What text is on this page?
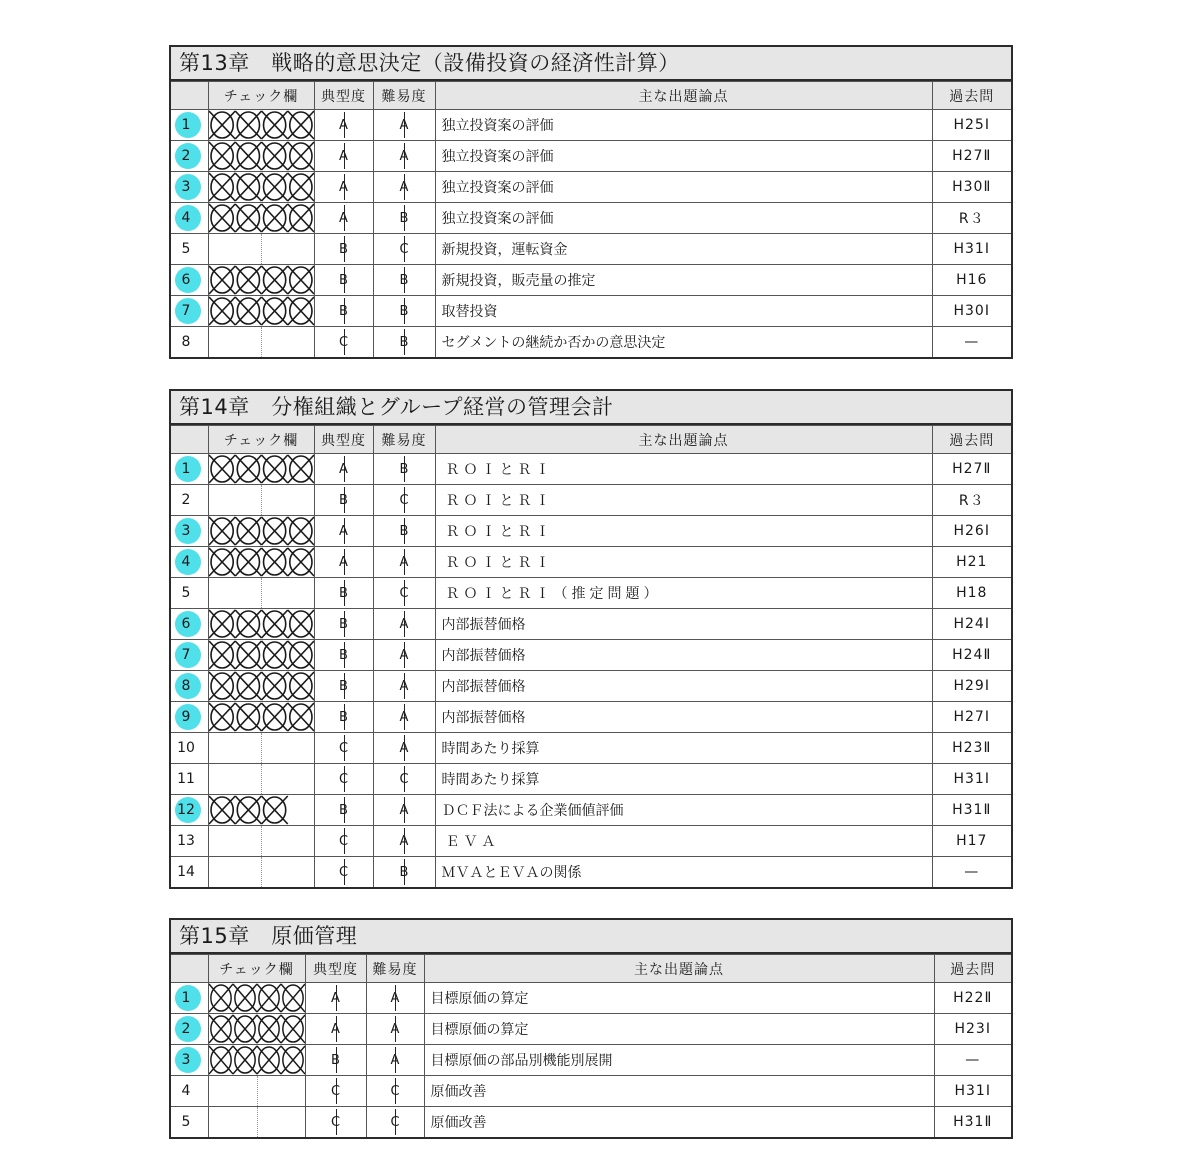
第13章　戦略的意思決定（設備投資の経済性計算）
	チェック欄	典型度	難易度	主な出題論点	過去問

1		A	A	独立投資案の評価	H25Ⅰ

2		A	A	独立投資案の評価	H27Ⅱ

3		A	A	独立投資案の評価	H30Ⅱ

4		A	B	独立投資案の評価	R３
5		B	C	新規投資，運転資金	H31Ⅰ

6		B	B	新規投資，販売量の推定	H16

7		B	B	取替投資	H30Ⅰ
8		C	B	セグメントの継続か否かの意思決定	—
第14章　分権組織とグループ経営の管理会計
	チェック欄	典型度	難易度	主な出題論点	過去問

1		A	B	ＲＯＩとＲＩ	H27Ⅱ
2		B	C	ＲＯＩとＲＩ	R３

3		A	B	ＲＯＩとＲＩ	H26Ⅰ

4		A	A	ＲＯＩとＲＩ	H21
5		B	C	ＲＯＩとＲＩ（推定問題）	H18

6		B	A	内部振替価格	H24Ⅰ

7		B	A	内部振替価格	H24Ⅱ

8		B	A	内部振替価格	H29Ⅰ

9		B	A	内部振替価格	H27Ⅰ
10		C	A	時間あたり採算	H23Ⅱ
11		C	C	時間あたり採算	H31Ⅰ

12		B	A	ＤＣＦ法による企業価値評価	H31Ⅱ
13		C	A	ＥＶＡ	H17
14		C	B	ＭＶＡとＥＶＡの関係	—
第15章　原価管理
	チェック欄	典型度	難易度	主な出題論点	過去問

1		A	A	目標原価の算定	H22Ⅱ

2		A	A	目標原価の算定	H23Ⅰ

3		B	A	目標原価の部品別機能別展開	—
4		C	C	原価改善	H31Ⅰ
5		C	C	原価改善	H31Ⅱ
